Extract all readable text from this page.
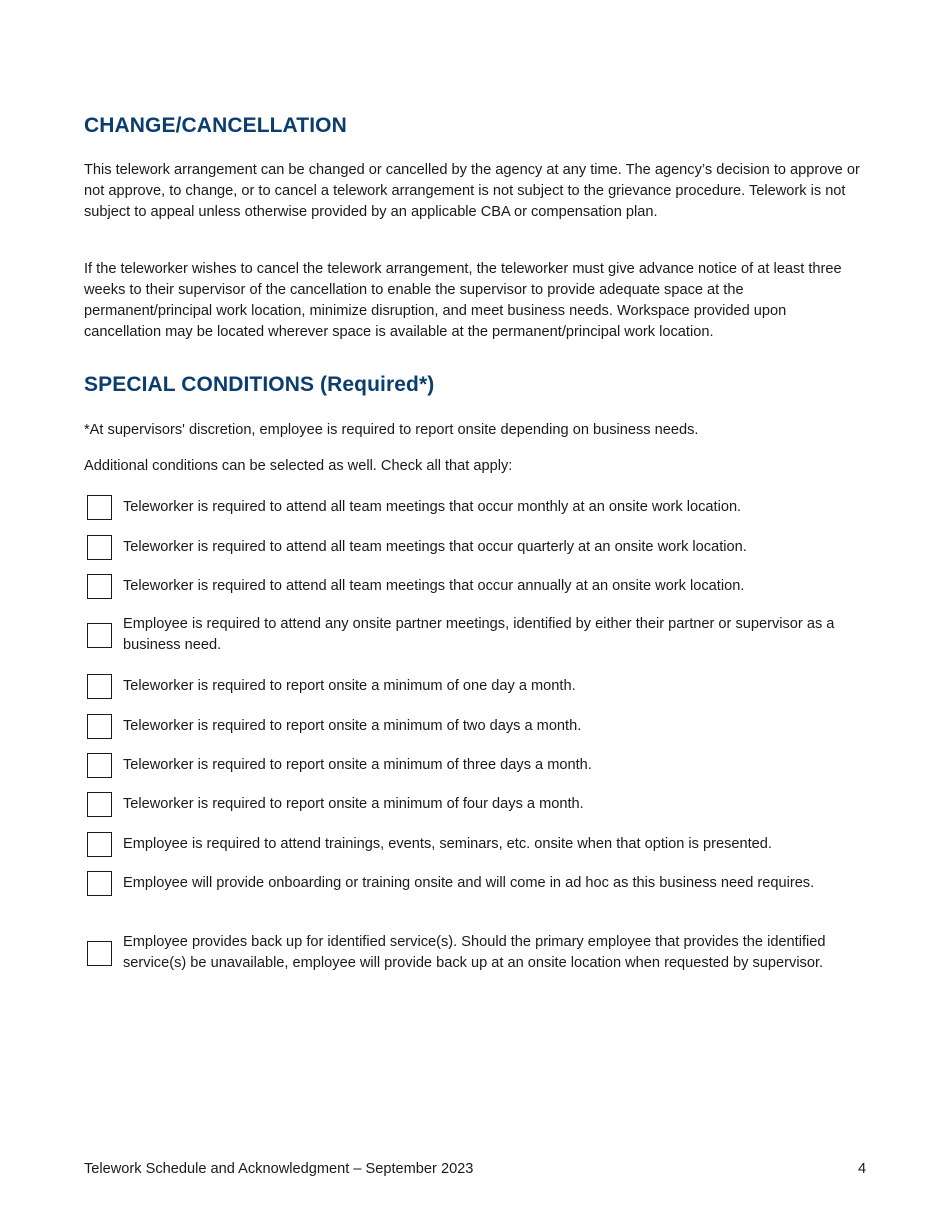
CHANGE/CANCELLATION

This telework arrangement can be changed or cancelled by the agency at any time. The agency’s decision to approve or not approve, to change, or to cancel a telework arrangement is not subject to the grievance procedure. Telework is not subject to appeal unless otherwise provided by an applicable CBA or compensation plan.

If the teleworker wishes to cancel the telework arrangement, the teleworker must give advance notice of at least three weeks to their supervisor of the cancellation to enable the supervisor to provide adequate space at the permanent/principal work location, minimize disruption, and meet business needs. Workspace provided upon cancellation may be located wherever space is available at the permanent/principal work location.

SPECIAL CONDITIONS (Required*)

*At supervisors' discretion, employee is required to report onsite depending on business needs.

Additional conditions can be selected as well. Check all that apply:

Teleworker is required to attend all team meetings that occur monthly at an onsite work location.
Teleworker is required to attend all team meetings that occur quarterly at an onsite work location.
Teleworker is required to attend all team meetings that occur annually at an onsite work location.
Employee is required to attend any onsite partner meetings, identified by either their partner or supervisor as a business need.
Teleworker is required to report onsite a minimum of one day a month.
Teleworker is required to report onsite a minimum of two days a month.
Teleworker is required to report onsite a minimum of three days a month.
Teleworker is required to report onsite a minimum of four days a month.
Employee is required to attend trainings, events, seminars, etc. onsite when that option is presented.
Employee will provide onboarding or training onsite and will come in ad hoc as this business need requires.
Employee provides back up for identified service(s). Should the primary employee that provides the identified service(s) be unavailable, employee will provide back up at an onsite location when requested by supervisor.
Telework Schedule and Acknowledgment – September 2023	4
